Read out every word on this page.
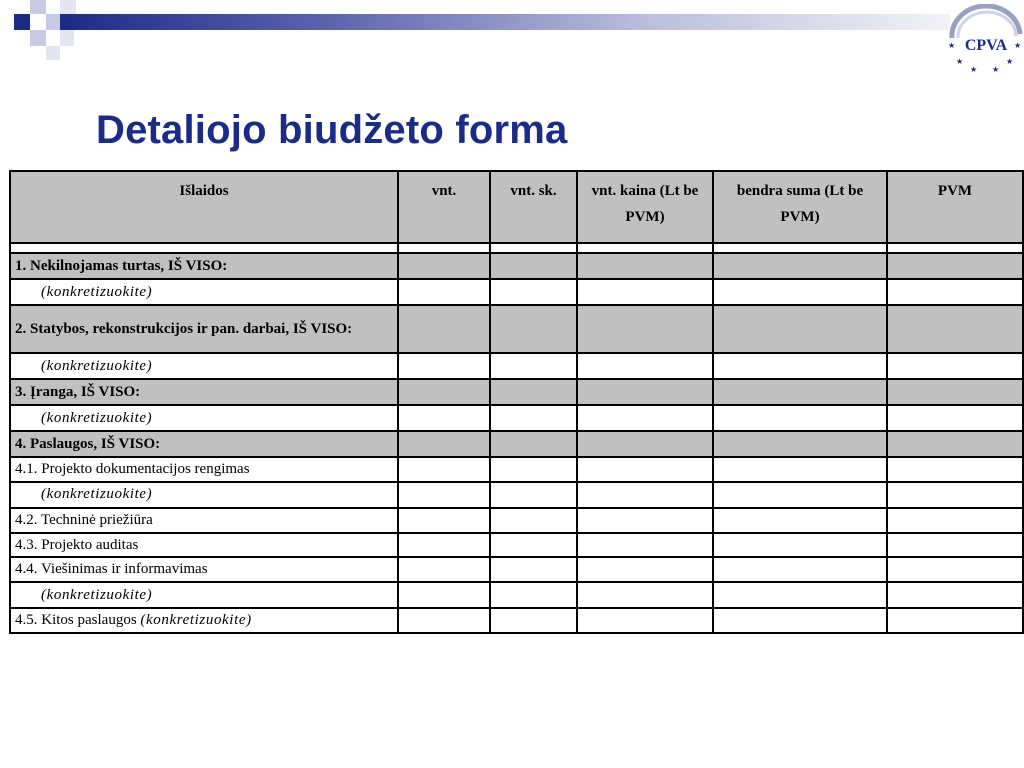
CPVA
★	★
★	★
★ ★
Detaliojo biudžeto forma
Išlaidos	vnt.	vnt. sk.	vnt. kaina (Lt be PVM)	bendra suma (Lt be PVM)	PVM

1. Nekilnojamas turtas, IŠ VISO:					
(konkretizuokite)					
2. Statybos, rekonstrukcijos ir pan. darbai, IŠ VISO:					
(konkretizuokite)					
3. Įranga, IŠ VISO:					
(konkretizuokite)					
4. Paslaugos, IŠ VISO:					
4.1. Projekto dokumentacijos rengimas					
(konkretizuokite)					
4.2. Techninė priežiūra					
4.3. Projekto auditas					
4.4. Viešinimas ir informavimas					
(konkretizuokite)					
4.5. Kitos paslaugos (konkretizuokite)					
